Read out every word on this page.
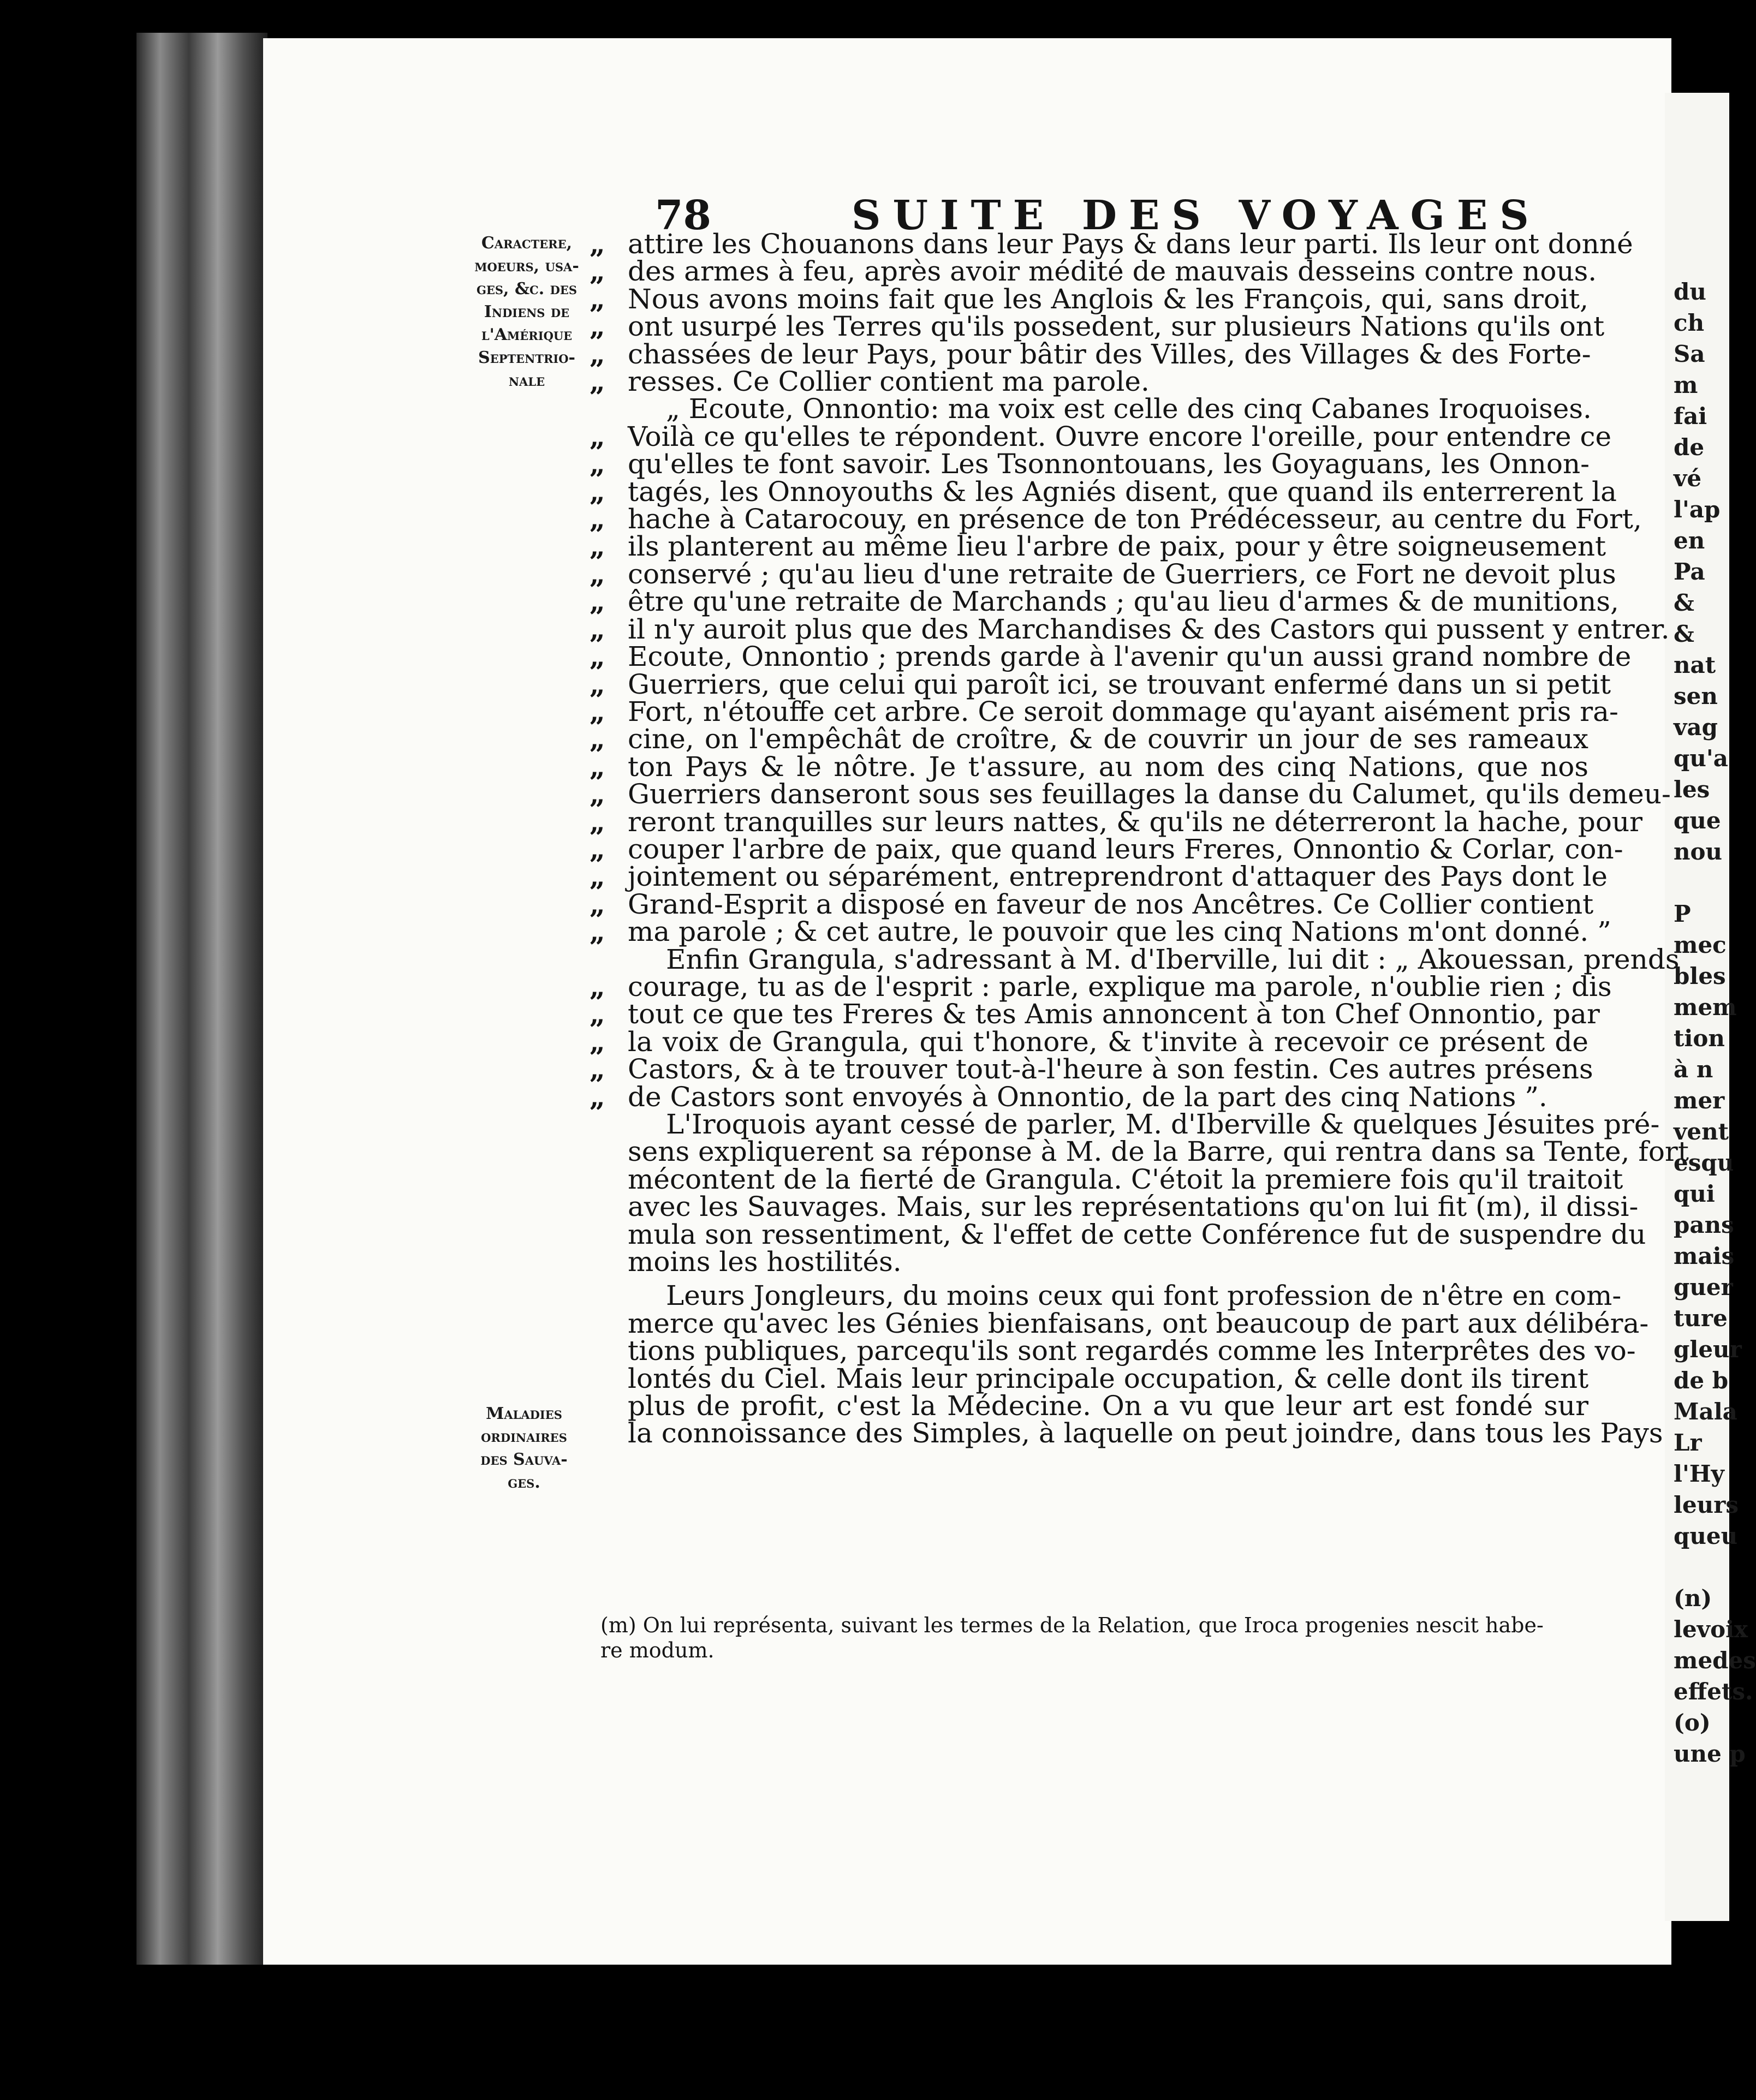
du
ch
Sa
m
fai
de
vé
l'ap
en
Pa
&
&
nat
sen
vag
qu'a
les
que
nou
P
mec
bles
mem
tion
à n
mer
vent
esqu
qui
pans
mais
guer
ture
gleur
de b
Mala
Lr
l'Hy
leurs
queu
(n)
levoix
medes
effets.
(o)
une p
78	SUITE DES VOYAGES
Caractere,
moeurs, usa-
ges, &c. des
Indiens de
l'Amérique
Septentrio-
nale
Maladies
ordinaires
des Sauva-
ges.
„ attire les Chouanons dans leur Pays & dans leur parti. Ils leur ont donné
„ des armes à feu, après avoir médité de mauvais desseins contre nous.
„ Nous avons moins fait que les Anglois & les François, qui, sans droit,
„ ont usurpé les Terres qu'ils possedent, sur plusieurs Nations qu'ils ont
„ chassées de leur Pays, pour bâtir des Villes, des Villages & des Forte-
„ resses. Ce Collier contient ma parole.
„ Ecoute, Onnontio: ma voix est celle des cinq Cabanes Iroquoises.
„ Voilà ce qu'elles te répondent. Ouvre encore l'oreille, pour entendre ce
„ qu'elles te font savoir. Les Tsonnontouans, les Goyaguans, les Onnon-
„ tagés, les Onnoyouths & les Agniés disent, que quand ils enterrerent la
„ hache à Catarocouy, en présence de ton Prédécesseur, au centre du Fort,
„ ils planterent au même lieu l'arbre de paix, pour y être soigneusement
„ conservé ; qu'au lieu d'une retraite de Guerriers, ce Fort ne devoit plus
„ être qu'une retraite de Marchands ; qu'au lieu d'armes & de munitions,
„ il n'y auroit plus que des Marchandises & des Castors qui pussent y entrer.
„ Ecoute, Onnontio ; prends garde à l'avenir qu'un aussi grand nombre de
„ Guerriers, que celui qui paroît ici, se trouvant enfermé dans un si petit
„ Fort, n'étouffe cet arbre. Ce seroit dommage qu'ayant aisément pris ra-
„ cine, on l'empêchât de croître, & de couvrir un jour de ses rameaux
„ ton Pays & le nôtre. Je t'assure, au nom des cinq Nations, que nos
„ Guerriers danseront sous ses feuillages la danse du Calumet, qu'ils demeu-
„ reront tranquilles sur leurs nattes, & qu'ils ne déterreront la hache, pour
„ couper l'arbre de paix, que quand leurs Freres, Onnontio & Corlar, con-
„ jointement ou séparément, entreprendront d'attaquer des Pays dont le
„ Grand-Esprit a disposé en faveur de nos Ancêtres. Ce Collier contient
„ ma parole ; & cet autre, le pouvoir que les cinq Nations m'ont donné. ”
Enfin Grangula, s'adressant à M. d'Iberville, lui dit : „ Akouessan, prends
„ courage, tu as de l'esprit : parle, explique ma parole, n'oublie rien ; dis
„ tout ce que tes Freres & tes Amis annoncent à ton Chef Onnontio, par
„ la voix de Grangula, qui t'honore, & t'invite à recevoir ce présent de
„ Castors, & à te trouver tout-à-l'heure à son festin. Ces autres présens
„ de Castors sont envoyés à Onnontio, de la part des cinq Nations ”.
L'Iroquois ayant cessé de parler, M. d'Iberville & quelques Jésuites pré-
sens expliquerent sa réponse à M. de la Barre, qui rentra dans sa Tente, fort
mécontent de la fierté de Grangula. C'étoit la premiere fois qu'il traitoit
avec les Sauvages. Mais, sur les représentations qu'on lui fit (m), il dissi-
mula son ressentiment, & l'effet de cette Conférence fut de suspendre du
moins les hostilités.
Leurs Jongleurs, du moins ceux qui font profession de n'être en com-
merce qu'avec les Génies bienfaisans, ont beaucoup de part aux délibéra-
tions publiques, parcequ'ils sont regardés comme les Interprêtes des vo-
lontés du Ciel. Mais leur principale occupation, & celle dont ils tirent
plus de profit, c'est la Médecine. On a vu que leur art est fondé sur
la connoissance des Simples, à laquelle on peut joindre, dans tous les Pays
(m) On lui représenta, suivant les termes de la Relation, que Iroca progenies nescit habe-
re modum.
